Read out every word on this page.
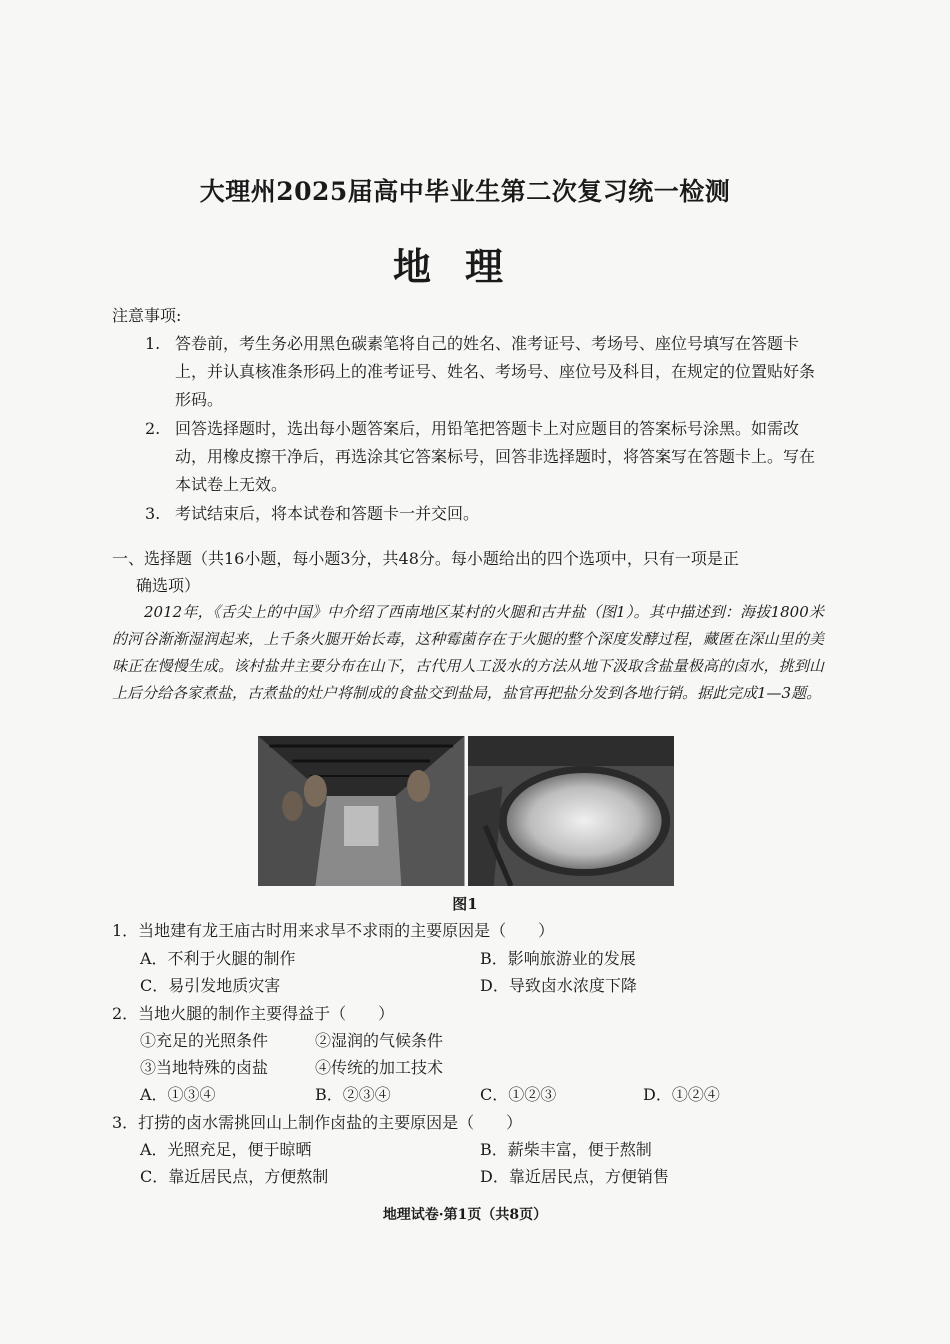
大理州2025届高中毕业生第二次复习统一检测
地理
注意事项:
1. 答卷前，考生务必用黑色碳素笔将自己的姓名、准考证号、考场号、座位号填写在答题卡上，并认真核准条形码上的准考证号、姓名、考场号、座位号及科目，在规定的位置贴好条形码。
2. 回答选择题时，选出每小题答案后，用铅笔把答题卡上对应题目的答案标号涂黑。如需改动，用橡皮擦干净后，再选涂其它答案标号，回答非选择题时，将答案写在答题卡上。写在本试卷上无效。
3. 考试结束后，将本试卷和答题卡一并交回。
一、选择题（共16小题，每小题3分，共48分。每小题给出的四个选项中，只有一项是正
确选项）
2012年，《舌尖上的中国》中介绍了西南地区某村的火腿和古井盐（图1）。其中描述到：海拔1800米的河谷渐渐湿润起来，上千条火腿开始长毒，这种霉菌存在于火腿的整个深度发酵过程，藏匿在深山里的美味正在慢慢生成。该村盐井主要分布在山下，古代用人工汲水的方法从地下汲取含盐量极高的卤水，挑到山上后分给各家煮盐，古煮盐的灶户将制成的食盐交到盐局，盐官再把盐分发到各地行销。据此完成1—3题。
图1
1．当地建有龙王庙古时用来求旱不求雨的主要原因是（　　）
A．不利于火腿的制作	B．影响旅游业的发展
C．易引发地质灾害	D．导致卤水浓度下降
2．当地火腿的制作主要得益于（　　）
①充足的光照条件	②湿润的气候条件
③当地特殊的卤盐	④传统的加工技术
A．①③④	B．②③④	C．①②③	D．①②④
3．打捞的卤水需挑回山上制作卤盐的主要原因是（　　）
A．光照充足，便于晾晒	B．薪柴丰富，便于熬制
C．靠近居民点，方便熬制	D．靠近居民点，方便销售
地理试卷·第1页（共8页）
